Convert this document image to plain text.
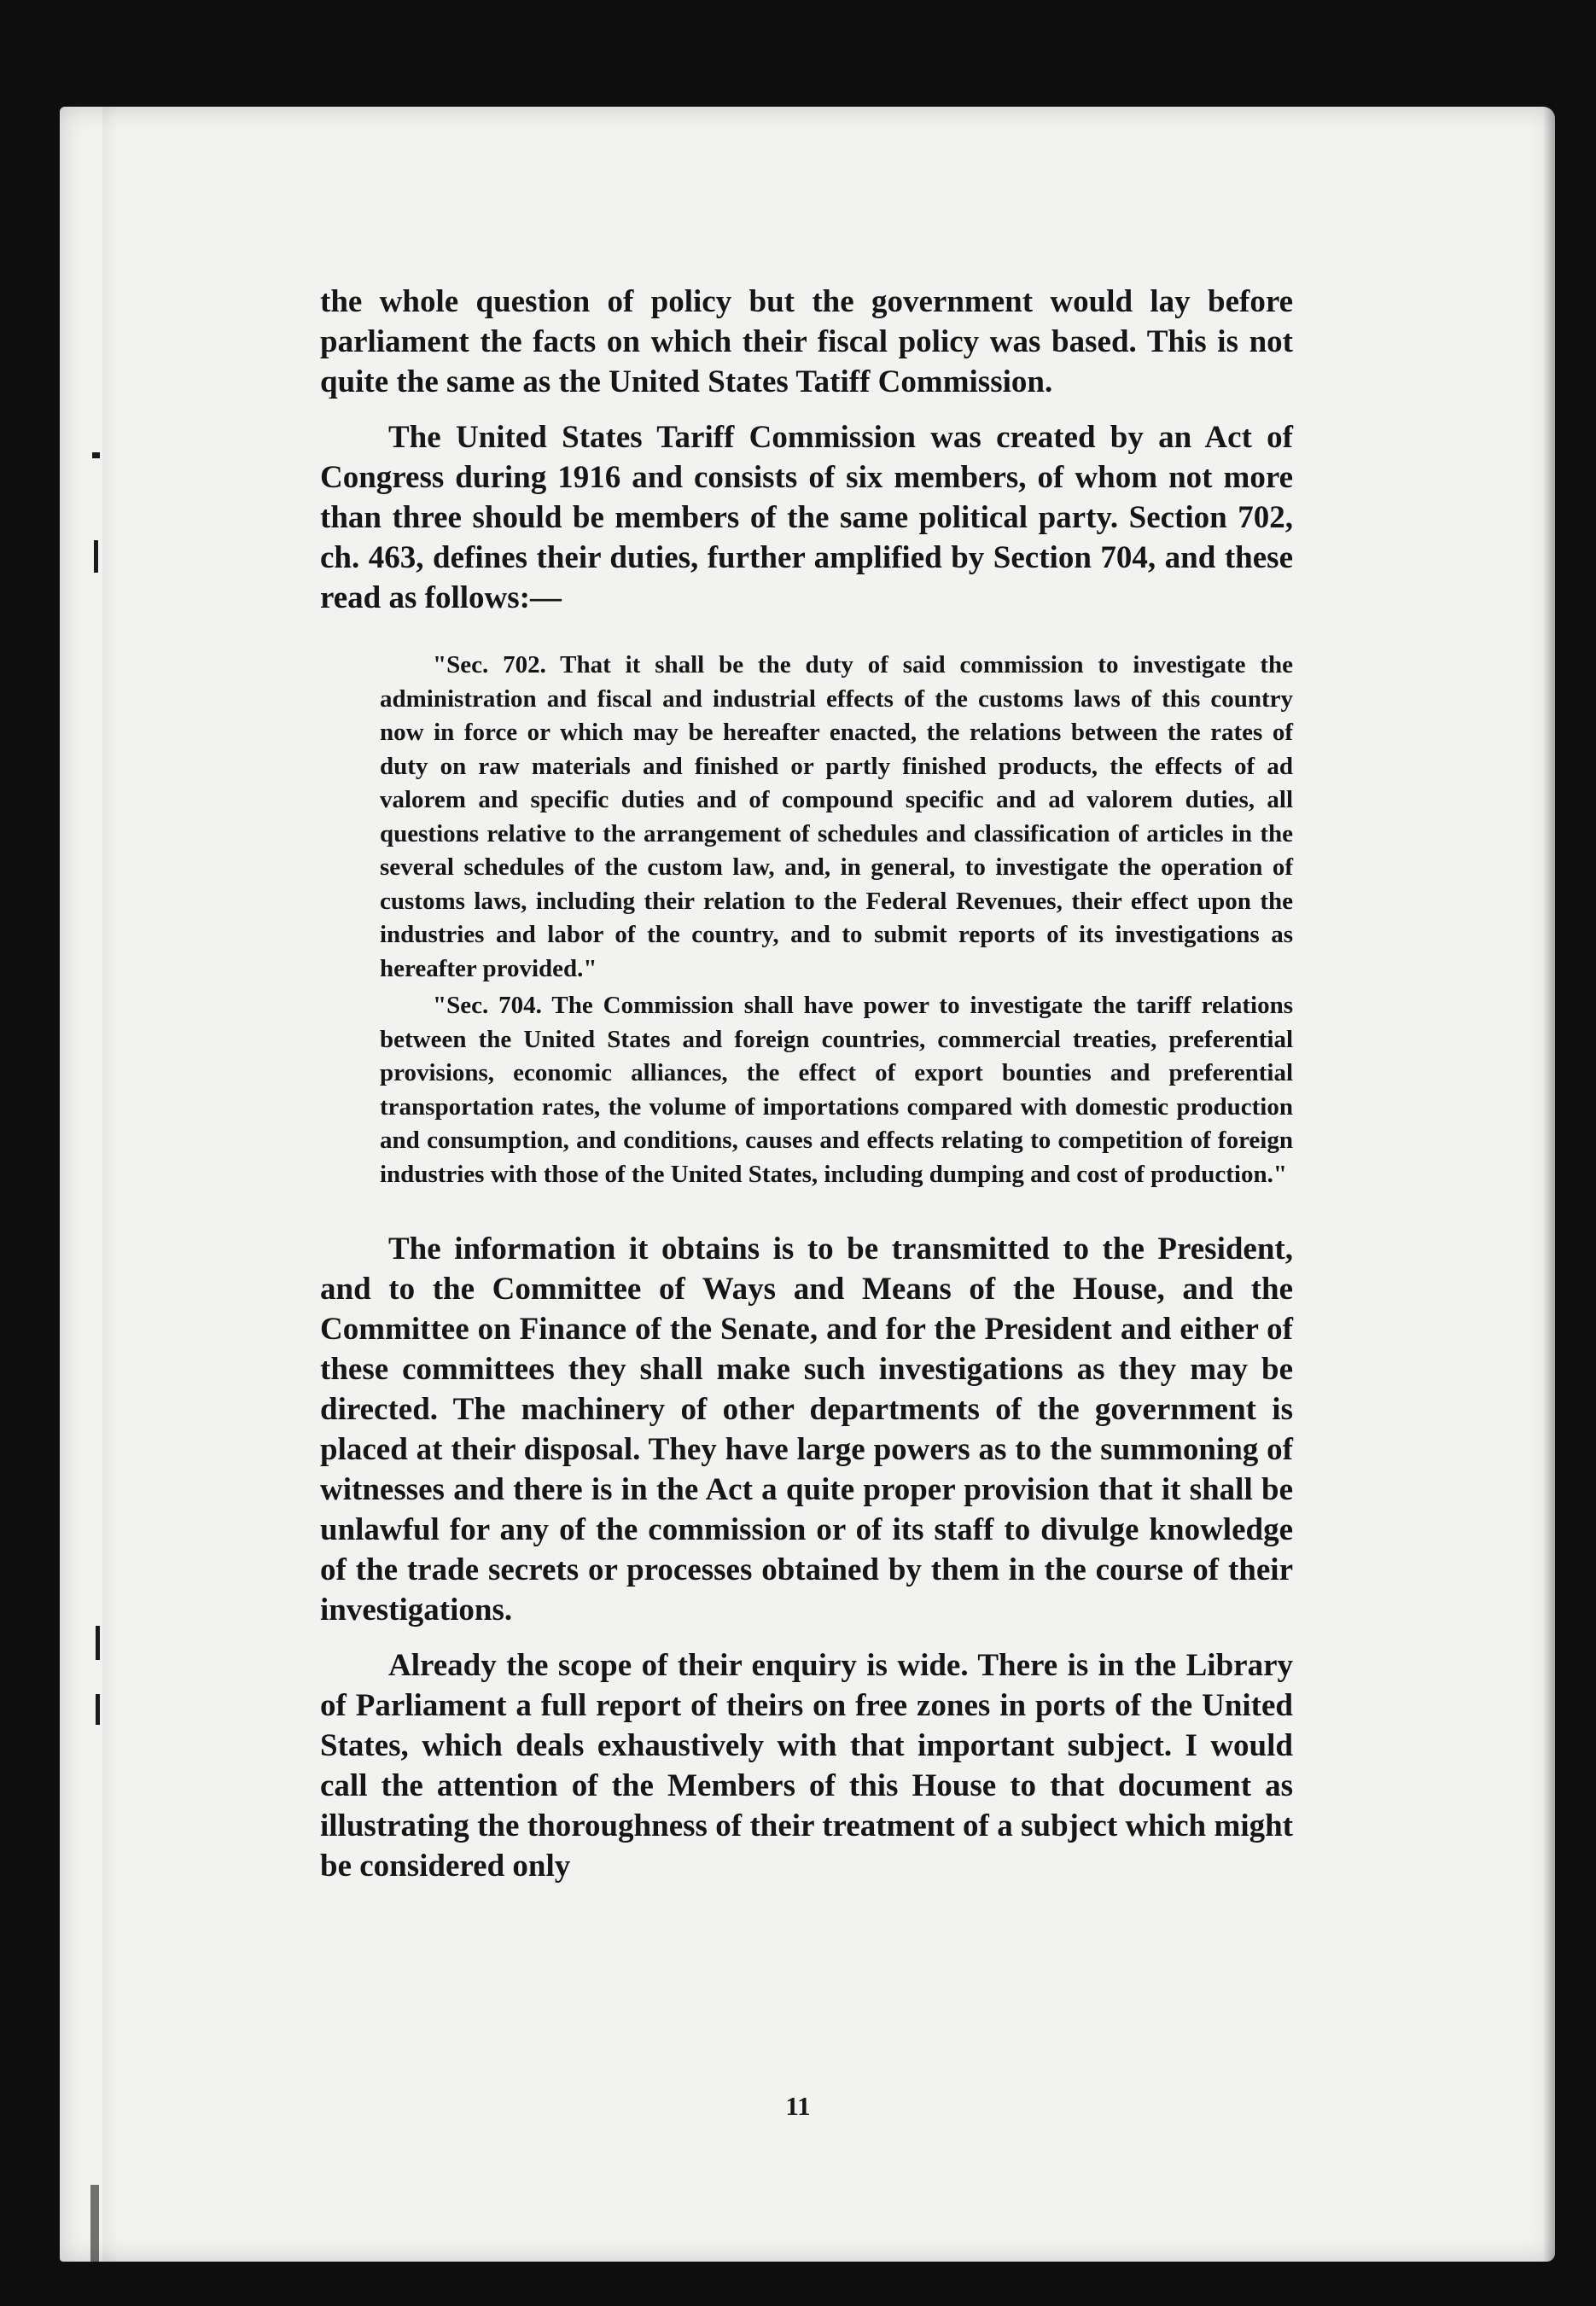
the whole question of policy but the government would lay before parliament the facts on which their fiscal policy was based. This is not quite the same as the United States Tatiff Commission.

The United States Tariff Commission was created by an Act of Congress during 1916 and consists of six members, of whom not more than three should be members of the same political party. Section 702, ch. 463, defines their duties, further amplified by Section 704, and these read as follows:—

"Sec. 702. That it shall be the duty of said commission to investigate the administration and fiscal and industrial effects of the customs laws of this country now in force or which may be hereafter enacted, the relations between the rates of duty on raw materials and finished or partly finished products, the effects of ad valorem and specific duties and of compound specific and ad valorem duties, all questions relative to the arrangement of schedules and classification of articles in the several schedules of the custom law, and, in general, to investigate the operation of customs laws, including their relation to the Federal Revenues, their effect upon the industries and labor of the country, and to submit reports of its investigations as hereafter provided."

"Sec. 704. The Commission shall have power to investigate the tariff relations between the United States and foreign countries, commercial treaties, preferential provisions, economic alliances, the effect of export bounties and preferential transportation rates, the volume of importations compared with domestic production and consumption, and conditions, causes and effects relating to competition of foreign industries with those of the United States, including dumping and cost of production."

The information it obtains is to be transmitted to the President, and to the Committee of Ways and Means of the House, and the Committee on Finance of the Senate, and for the President and either of these committees they shall make such investigations as they may be directed. The machinery of other departments of the government is placed at their disposal. They have large powers as to the summoning of witnesses and there is in the Act a quite proper provision that it shall be unlawful for any of the commission or of its staff to divulge knowledge of the trade secrets or processes obtained by them in the course of their investigations.

Already the scope of their enquiry is wide. There is in the Library of Parliament a full report of theirs on free zones in ports of the United States, which deals exhaustively with that important subject. I would call the attention of the Members of this House to that document as illustrating the thoroughness of their treatment of a subject which might be considered only

11
